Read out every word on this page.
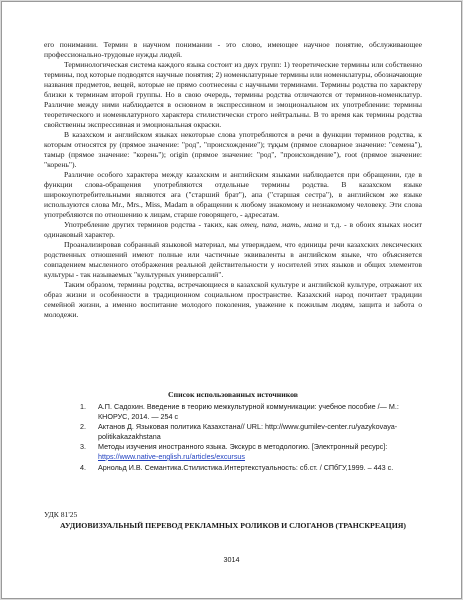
его понимании. Термин в научном понимании - это слово, имеющее научное понятие, обслуживающее профессионально-трудовые нужды людей.

Терминологическая система каждого языка состоит из двух групп: 1) теоретические термины или собственно термины, под которые подводятся научные понятия; 2) номенклатурные термины или номенклатуры, обозначающие названия предметов, вещей, которые не прямо соотнесены с научными терминами. Термины родства по характеру близки к терминам второй группы. Но в свою очередь, термины родства отличаются от терминов-номенклатур. Различие между ними наблюдается в основном в экспрессивном и эмоциональном их употреблении: термины теоретического и номенклатурного характера стилистически строго нейтральны. В то время как термины родства свойственны экспрессивная и эмоциональная окраски.

В казахском и английском языках некоторые слова употребляются в речи в функции терминов родства, к которым относятся ру (прямое значение: "род", "происхождение"); тұқым (прямое словарное значение: "семена"), тамыр (прямое значение: "корень"); origin (прямое значение: "род", "происхождение"), root (прямое значение: "корень").

Различие особого характера между казахским и английским языками наблюдается при обращении, где в функции слова-обращения употребляются отдельные термины родства. В казахском языке широкоупотребительными являются аға ("старший брат"), апа ("старшая сестра"), в английском же языке используются слова Mr., Mrs., Miss, Madam в обращении к любому знакомому и незнакомому человеку. Эти слова употребляются по отношению к лицам, старше говорящего, - адресатам.

Употребление других терминов родства - таких, как отец, папа, мать, мама и т.д. - в обоих языках носит одинаковый характер.

Проанализировав собранный языковой материал, мы утверждаем, что единицы речи казахских лексических родственных отношений имеют полные или частичные эквиваленты в английском языке, что объясняется совпадением мысленного отображения реальной действительности у носителей этих языков и общих элементов культуры - так называемых "культурных универсалий".

Таким образом, термины родства, встречающиеся в казахской культуре и английской культуре, отражают их образ жизни и особенности в традиционном социальном пространстве. Казахский народ почитает традиции семейной жизни, а именно воспитание молодого поколения, уважение к пожилым людям, защита и забота о молодежи.

Список использованных источников
1. А.П. Садохин. Введение в теорию межкультурной коммуникации: учебное пособие /— М.: КНОРУС, 2014. — 254 с
2. Актанов Д. Языковая политика Казахстана// URL: http://www.gumilev-center.ru/yazykovaya-politikakazakhstana
3. Методы изучения иностранного языка. Экскурс в методологию. [Электронный ресурс]: https://www.native-english.ru/articles/excursus
4. Арнольд И.В. Семантика.Стилистика.Интертекстуальность: сб.ст. / СПбГУ,1999. – 443 с.
УДК 81'25
АУДИОВИЗУАЛЬНЫЙ ПЕРЕВОД РЕКЛАМНЫХ РОЛИКОВ И СЛОГАНОВ (ТРАНСКРЕАЦИЯ)
3014
